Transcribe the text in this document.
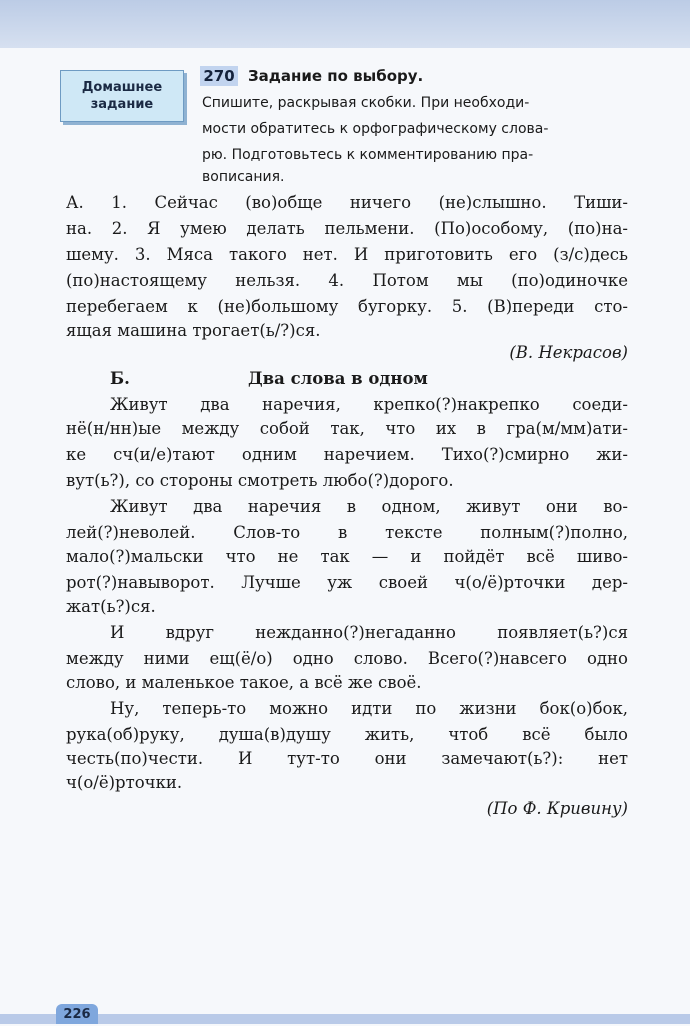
Домашнее
задание
270 Задание по выбору.
Спишите, раскрывая скобки. При необходи-
мости обратитесь к орфографическому слова-
рю. Подготовьтесь к комментированию пра-
вописания.
А. 1. Сейчас (во)обще ничего (не)слышно. Тиши-
на. 2. Я умею делать пельмени. (По)особому, (по)на-
шему. 3. Мяса такого нет. И приготовить его (з/с)десь
(по)настоящему нельзя. 4. Потом мы (по)одиночке
перебегаем к (не)большому бугорку. 5. (В)переди сто-
ящая машина трогает(ь/?)ся.
(В. Некрасов)
Б.	Два слова в одном
Живут два наречия, крепко(?)накрепко соеди-
нё(н/нн)ые между собой так, что их в гра(м/мм)ати-
ке сч(и/е)тают одним наречием. Тихо(?)смирно жи-
вут(ь?), со стороны смотреть любо(?)дорого.
Живут два наречия в одном, живут они во-
лей(?)неволей. Слов-то в тексте полным(?)полно,
мало(?)мальски что не так — и пойдёт всё шиво-
рот(?)навыворот. Лучше уж своей ч(о/ё)рточки дер-
жат(ь?)ся.
И вдруг нежданно(?)негаданно появляет(ь?)ся
между ними ещ(ё/о) одно слово. Всего(?)навсего одно
слово, и маленькое такое, а всё же своё.
Ну, теперь-то можно идти по жизни бок(о)бок,
рука(об)руку, душа(в)душу жить, чтоб всё было
честь(по)чести. И тут-то они замечают(ь?): нет
ч(о/ё)рточки.
(По Ф. Кривину)
226
